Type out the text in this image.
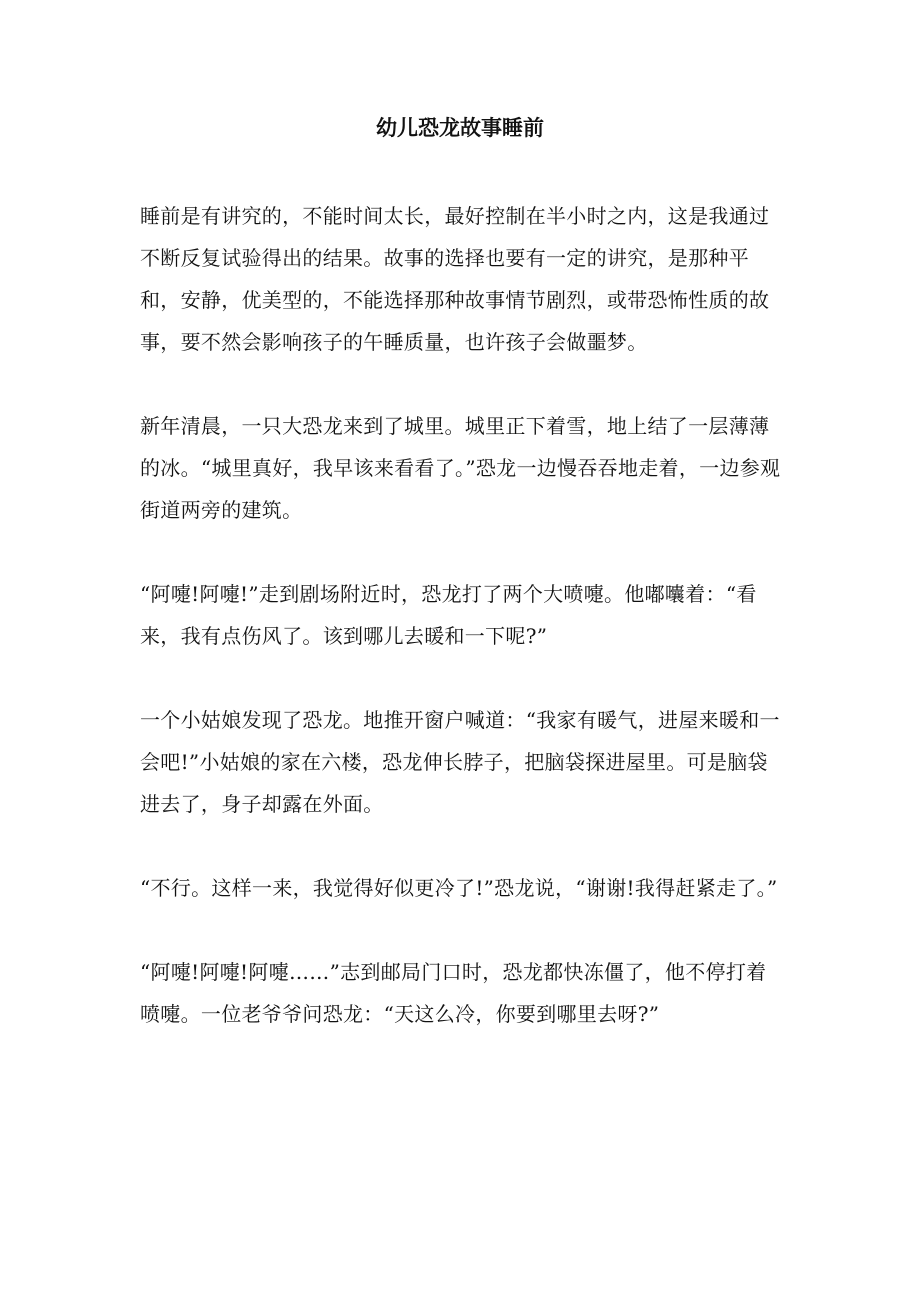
幼儿恐龙故事睡前

睡前是有讲究的，不能时间太长，最好控制在半小时之内，这是我通过不断反复试验得出的结果。故事的选择也要有一定的讲究，是那种平和，安静，优美型的，不能选择那种故事情节剧烈，或带恐怖性质的故事，要不然会影响孩子的午睡质量，也许孩子会做噩梦。

新年清晨，一只大恐龙来到了城里。城里正下着雪，地上结了一层薄薄的冰。“城里真好，我早该来看看了。”恐龙一边慢吞吞地走着，一边参观街道两旁的建筑。

“阿嚏!阿嚏!”走到剧场附近时，恐龙打了两个大喷嚏。他嘟囔着：“看来，我有点伤风了。该到哪儿去暖和一下呢?”

一个小姑娘发现了恐龙。地推开窗户喊道：“我家有暖气，进屋来暖和一会吧!”小姑娘的家在六楼，恐龙伸长脖子，把脑袋探进屋里。可是脑袋进去了，身子却露在外面。

“不行。这样一来，我觉得好似更冷了!”恐龙说，“谢谢!我得赶紧走了。”

“阿嚏!阿嚏!阿嚏……”志到邮局门口时，恐龙都快冻僵了，他不停打着喷嚏。一位老爷爷问恐龙：“天这么冷，你要到哪里去呀?”
